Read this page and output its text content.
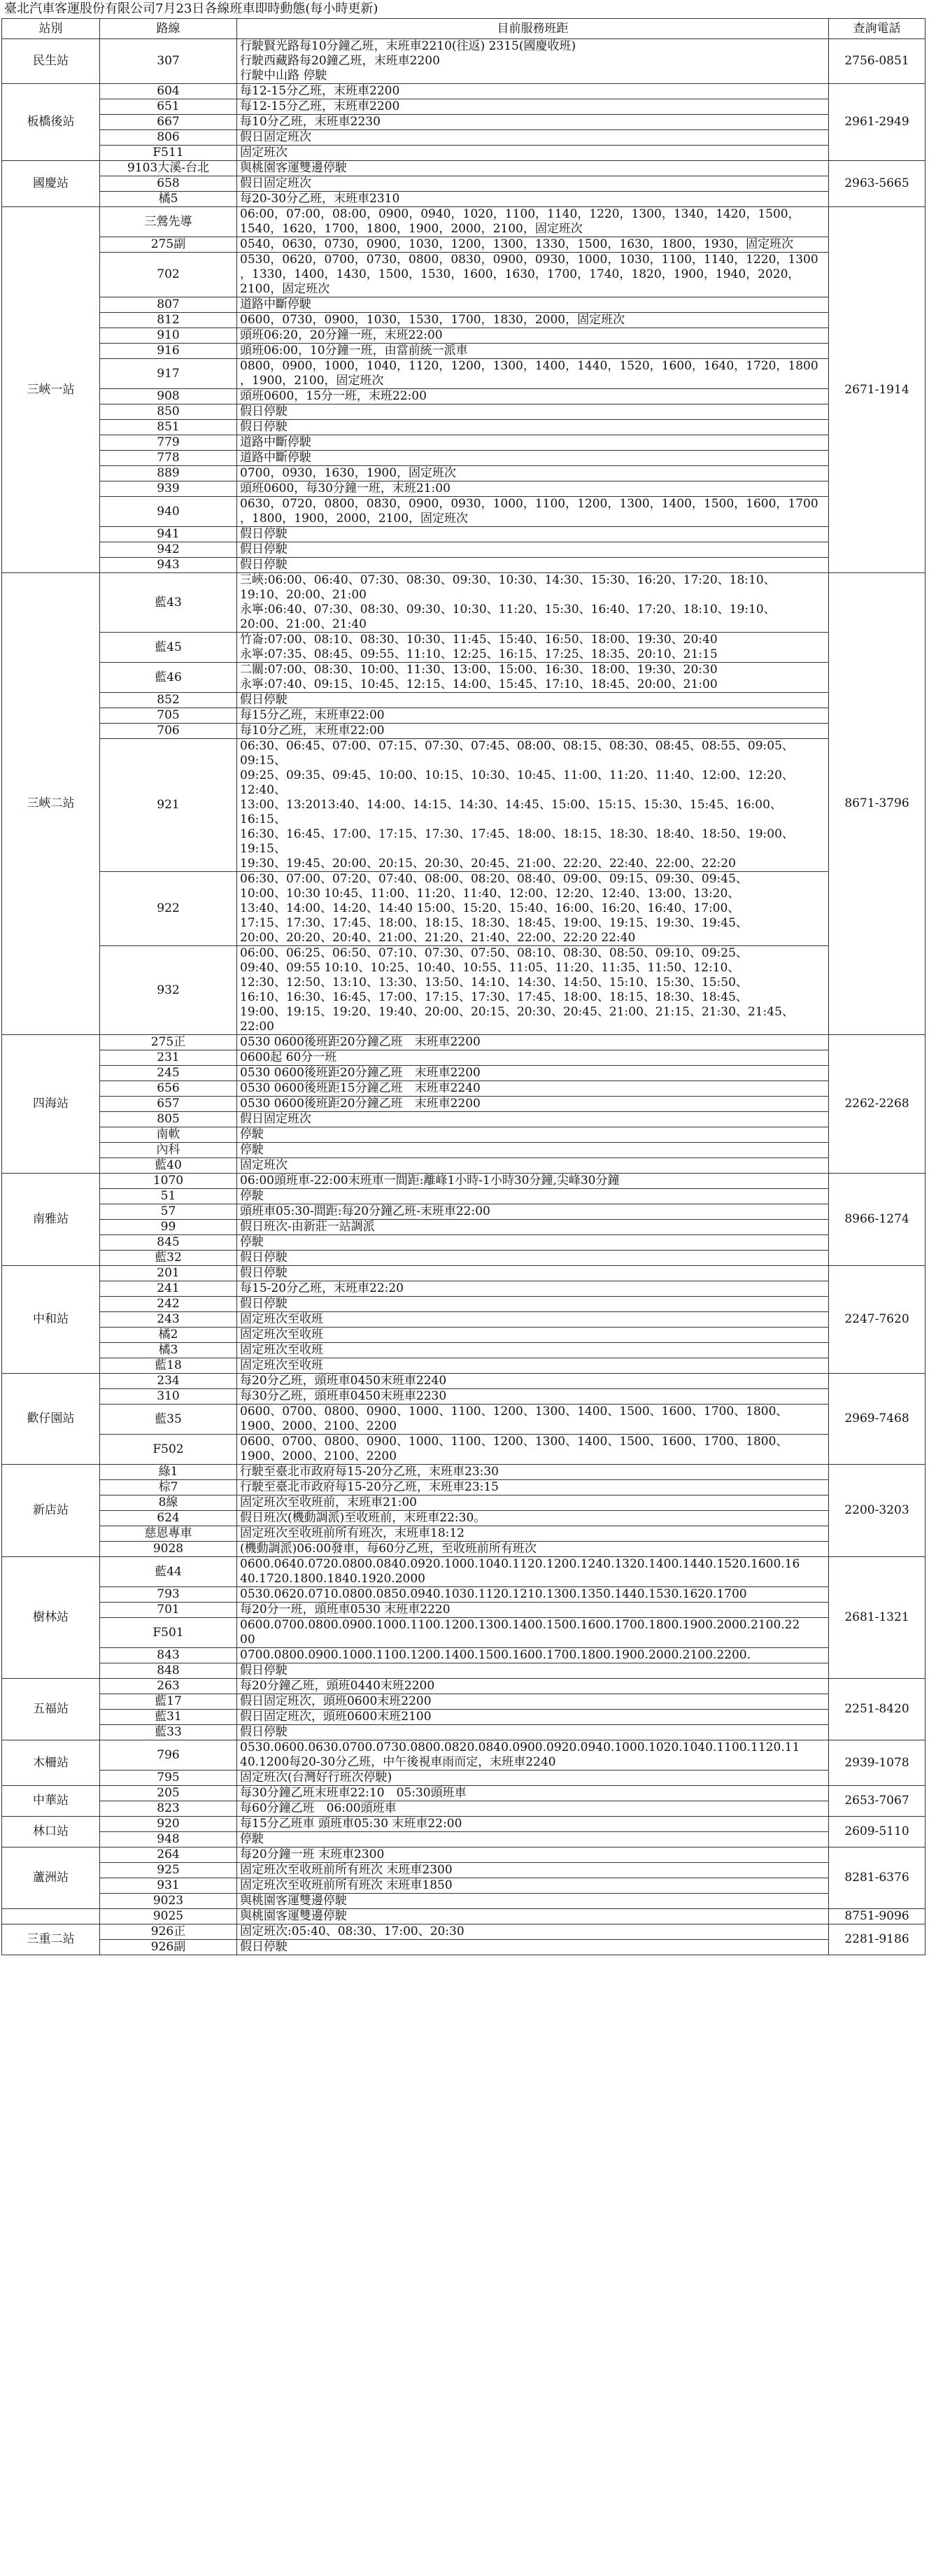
臺北汽車客運股份有限公司7月23日各線班車即時動態(每小時更新)
站別	路線	目前服務班距	查詢電話
民生站	307	行駛賢光路每10分鐘乙班，末班車2210(往返) 2315(國慶收班)
行駛西藏路每20鐘乙班，末班車2200
行駛中山路 停駛	2756-0851
板橋後站	604	每12-15分乙班，末班車2200	2961-2949
	651	每12-15分乙班，末班車2200	
	667	每10分乙班，末班車2230	
	806	假日固定班次	
	F511	固定班次	
國慶站	9103大溪-台北	與桃園客運雙邊停駛	2963-5665
	658	假日固定班次	
	橘5	每20-30分乙班，末班車2310	
三峽一站	三鶯先導	06:00，07:00，08:00，0900，0940，1020，1100，1140，1220，1300，1340，1420，1500，
1540，1620，1700，1800，1900，2000，2100，固定班次	2671-1914
	275副	0540，0630，0730，0900，1030，1200，1300，1330，1500，1630，1800，1930，固定班次	
	702	0530，0620，0700，0730，0800，0830，0900，0930，1000，1030，1100，1140，1220，1300
，1330，1400，1430，1500，1530，1600，1630，1700，1740，1820，1900，1940，2020，
2100，固定班次	
	807	道路中斷停駛	
	812	0600，0730，0900，1030，1530，1700，1830，2000，固定班次	
	910	頭班06:20，20分鐘一班，末班22:00	
	916	頭班06:00，10分鐘一班，由當前統一派車	
	917	0800，0900，1000，1040，1120，1200，1300，1400，1440，1520，1600，1640，1720，1800
，1900，2100，固定班次	
	908	頭班0600，15分一班，末班22:00	
	850	假日停駛	
	851	假日停駛	
	779	道路中斷停駛	
	778	道路中斷停駛	
	889	0700，0930，1630，1900，固定班次	
	939	頭班0600，每30分鐘一班，末班21:00	
	940	0630，0720，0800，0830，0900，0930，1000，1100，1200，1300，1400，1500，1600，1700
，1800，1900，2000，2100，固定班次	
	941	假日停駛	
	942	假日停駛	
	943	假日停駛	
三峽二站	藍43	三峽:06:00、06:40、07:30、08:30、09:30、10:30、14:30、15:30、16:20、17:20、18:10、
19:10、20:00、21:00
永寧:06:40、07:30、08:30、09:30、10:30、11:20、15:30、16:40、17:20、18:10、19:10、
20:00、21:00、21:40	8671-3796
	藍45	竹崙:07:00、08:10、08:30、10:30、11:45、15:40、16:50、18:00、19:30、20:40
永寧:07:35、08:45、09:55、11:10、12:25、16:15、17:25、18:35、20:10、21:15	
	藍46	二關:07:00、08:30、10:00、11:30、13:00、15:00、16:30、18:00、19:30、20:30
永寧:07:40、09:15、10:45、12:15、14:00、15:45、17:10、18:45、20:00、21:00	
	852	假日停駛	
	705	每15分乙班，末班車22:00	
	706	每10分乙班，末班車22:00	
	921	06:30、06:45、07:00、07:15、07:30、07:45、08:00、08:15、08:30、08:45、08:55、09:05、09:15、
09:25、09:35、09:45、10:00、10:15、10:30、10:45、11:00、11:20、11:40、12:00、12:20、12:40、
13:00、13:2013:40、14:00、14:15、14:30、14:45、15:00、15:15、15:30、15:45、16:00、16:15、
16:30、16:45、17:00、17:15、17:30、17:45、18:00、18:15、18:30、18:40、18:50、19:00、19:15、
19:30、19:45、20:00、20:15、20:30、20:45、21:00、22:20、22:40、22:00、22:20	
	922	06:30、07:00、07:20、07:40、08:00、08:20、08:40、09:00、09:15、09:30、09:45、
10:00、10:30 10:45、11:00、11:20、11:40、12:00、12:20、12:40、13:00、13:20、
13:40、14:00、14:20、14:40 15:00、15:20、15:40、16:00、16:20、16:40、17:00、
17:15、17:30、17:45、18:00、18:15、18:30、18:45、19:00、19:15、19:30、19:45、
20:00、20:20、20:40、21:00、21:20、21:40、22:00、22:20 22:40	
	932	06:00、06:25、06:50、07:10、07:30、07:50、08:10、08:30、08:50、09:10、09:25、
09:40、09:55 10:10、10:25、10:40、10:55、11:05、11:20、11:35、11:50、12:10、
12:30、12:50、13:10、13:30、13:50、14:10、14:30、14:50、15:10、15:30、15:50、
16:10、16:30、16:45、17:00、17:15、17:30、17:45、18:00、18:15、18:30、18:45、
19:00、19:15、19:20、19:40、20:00、20:15、20:30、20:45、21:00、21:15、21:30、21:45、22:00	
四海站	275正	0530 0600後班距20分鐘乙班　末班車2200	2262-2268
	231	0600起 60分一班	
	245	0530 0600後班距20分鐘乙班　末班車2200	
	656	0530 0600後班距15分鐘乙班　末班車2240	
	657	0530 0600後班距20分鐘乙班　末班車2200	
	805	假日固定班次	
	南軟	停駛	
	內科	停駛	
	藍40	固定班次	
南雅站	1070	06:00頭班車-22:00末班車一間距:離峰1小時-1小時30分鐘,尖峰30分鐘	8966-1274
	51	停駛	
	57	頭班車05:30-間距:每20分鐘乙班-末班車22:00	
	99	假日班次-由新莊一站調派	
	845	停駛	
	藍32	假日停駛	
中和站	201	假日停駛	2247-7620
	241	每15-20分乙班，末班車22:20	
	242	假日停駛	
	243	固定班次至收班	
	橘2	固定班次至收班	
	橘3	固定班次至收班	
	藍18	固定班次至收班	
歡仔園站	234	每20分乙班，頭班車0450末班車2240	2969-7468
	310	每30分乙班，頭班車0450末班車2230	
	藍35	0600、0700、0800、0900、1000、1100、1200、1300、1400、1500、1600、1700、1800、
1900、2000、2100、2200	
	F502	0600、0700、0800、0900、1000、1100、1200、1300、1400、1500、1600、1700、1800、
1900、2000、2100、2200	
新店站	綠1	行駛至臺北市政府每15-20分乙班，末班車23:30	2200-3203
	棕7	行駛至臺北市政府每15-20分乙班，末班車23:15	
	8線	固定班次至收班前，末班車21:00	
	624	假日班次(機動調派)至收班前，末班車22:30。	
	慈恩專車	固定班次至收班前所有班次，末班車18:12	
	9028	(機動調派)06:00發車，每60分乙班，至收班前所有班次	
樹林站	藍44	0600.0640.0720.0800.0840.0920.1000.1040.1120.1200.1240.1320.1400.1440.1520.1600.16
40.1720.1800.1840.1920.2000	2681-1321
	793	0530.0620.0710.0800.0850.0940.1030.1120.1210.1300.1350.1440.1530.1620.1700	
	701	每20分一班，頭班車0530 末班車2220	
	F501	0600.0700.0800.0900.1000.1100.1200.1300.1400.1500.1600.1700.1800.1900.2000.2100.22
00	
	843	0700.0800.0900.1000.1100.1200.1400.1500.1600.1700.1800.1900.2000.2100.2200.	
	848	假日停駛	
五福站	263	每20分鐘乙班，頭班0440末班2200	2251-8420
	藍17	假日固定班次，頭班0600末班2200	
	藍31	假日固定班次，頭班0600末班2100	
	藍33	假日停駛	
木柵站	796	0530.0600.0630.0700.0730.0800.0820.0840.0900.0920.0940.1000.1020.1040.1100.1120.11
40.1200每20-30分乙班，中午後視車雨而定，末班車2240	2939-1078
	795	固定班次(台灣好行班次停駛)	
中華站	205	每30分鐘乙班末班車22:10　05:30頭班車	2653-7067
	823	每60分鐘乙班　06:00頭班車	
林口站	920	每15分乙班車 頭班車05:30 末班車22:00	2609-5110
	948	停駛	
蘆洲站	264	每20分鐘一班 末班車2300	8281-6376
	925	固定班次至收班前所有班次 末班車2300	
	931	固定班次至收班前所有班次 末班車1850	
	9023	與桃園客運雙邊停駛	
	9025	與桃園客運雙邊停駛	8751-9096
三重二站	926正	固定班次:05:40、08:30、17:00、20:30	2281-9186
	926副	假日停駛	
